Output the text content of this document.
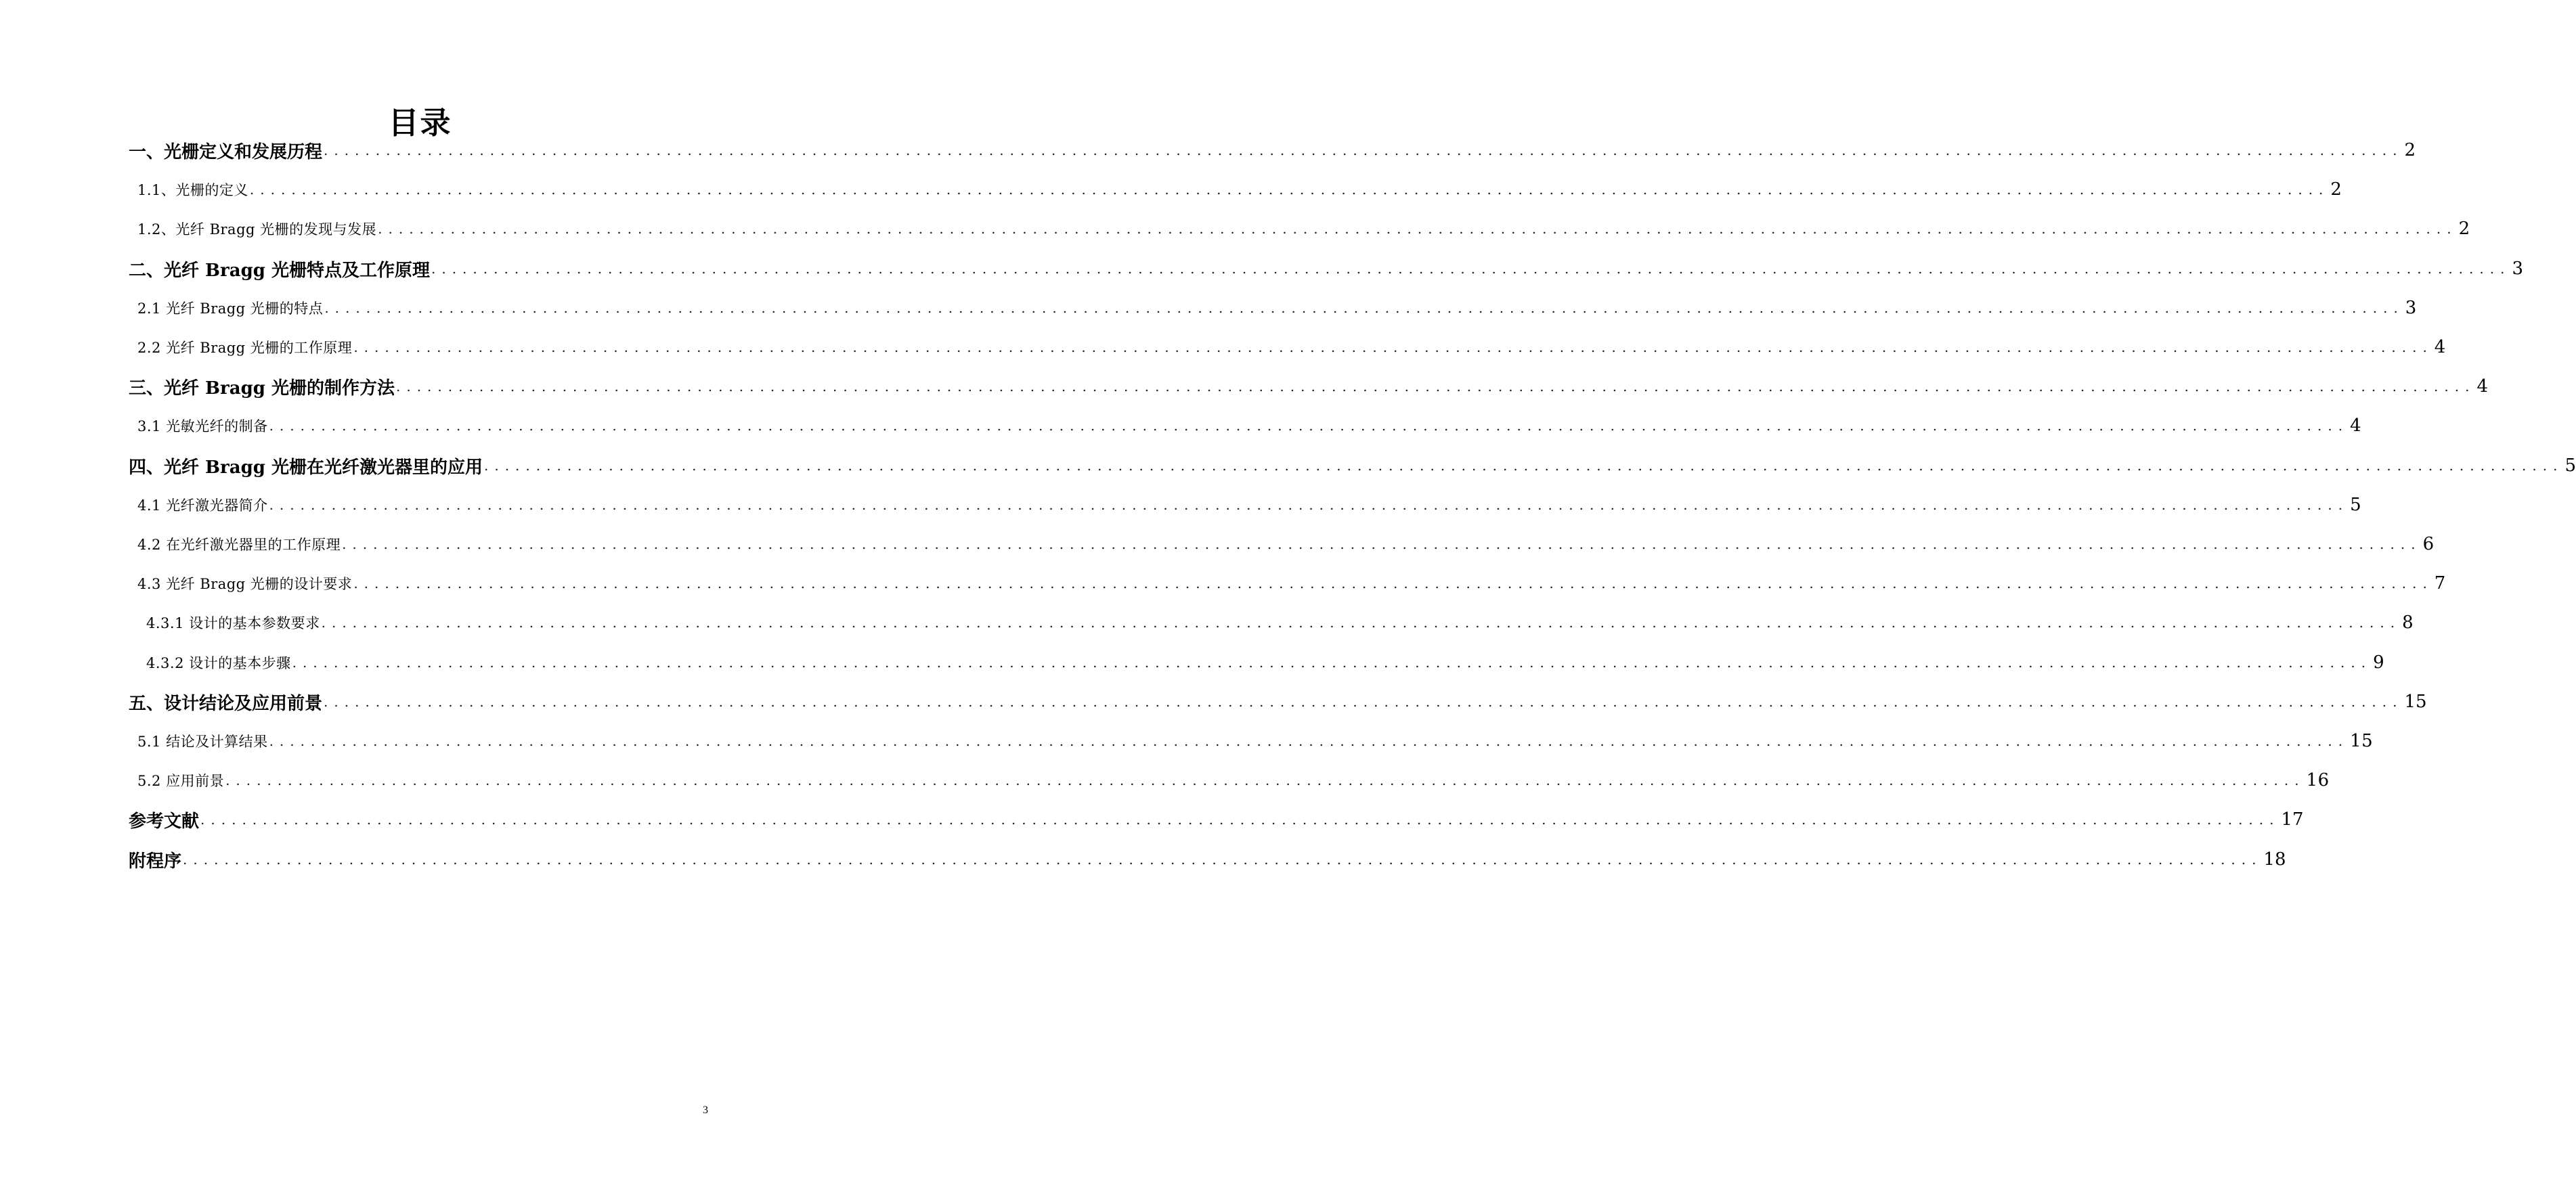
目录
一、光栅定义和发展历程 ........................................................................................................................................................................................................ 2
1.1、光栅的定义 ........................................................................................................................................................................................................ 2
1.2、光纤 Bragg 光栅的发现与发展 ........................................................................................................................................................................................................ 2
二、光纤 Bragg 光栅特点及工作原理 ........................................................................................................................................................................................................ 3
2.1 光纤 Bragg 光栅的特点 ........................................................................................................................................................................................................ 3
2.2 光纤 Bragg 光栅的工作原理 ........................................................................................................................................................................................................ 4
三、光纤 Bragg 光栅的制作方法 ........................................................................................................................................................................................................ 4
3.1 光敏光纤的制备 ........................................................................................................................................................................................................ 4
四、光纤 Bragg 光栅在光纤激光器里的应用 ........................................................................................................................................................................................................ 5
4.1 光纤激光器简介 ........................................................................................................................................................................................................ 5
4.2 在光纤激光器里的工作原理 ........................................................................................................................................................................................................ 6
4.3 光纤 Bragg 光栅的设计要求 ........................................................................................................................................................................................................ 7
4.3.1 设计的基本参数要求 ........................................................................................................................................................................................................ 8
4.3.2 设计的基本步骤 ........................................................................................................................................................................................................ 9
五、设计结论及应用前景 ........................................................................................................................................................................................................ 15
5.1 结论及计算结果 ........................................................................................................................................................................................................ 15
5.2 应用前景 ........................................................................................................................................................................................................ 16
参考文献 ........................................................................................................................................................................................................ 17
附程序 ........................................................................................................................................................................................................ 18
3
